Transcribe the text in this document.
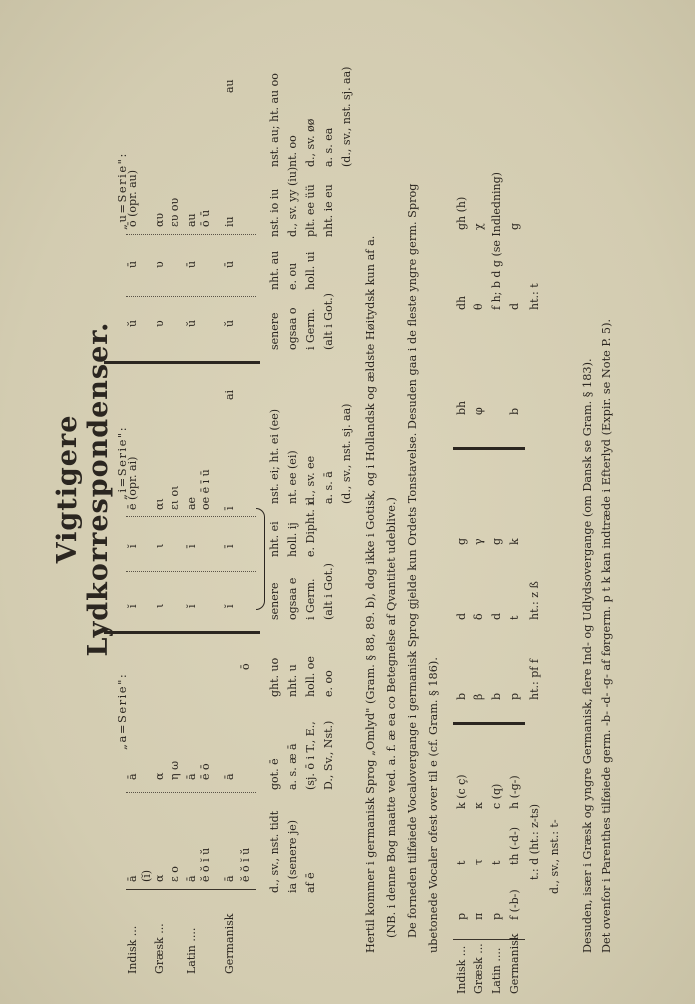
Vigtigere Lydkorrespondenser.
„a=Serie":
„i=Serie":
„u=Serie":
Hertil kommer i germanisk Sprog „Omlyd" (Gram. § 88, 89. b), dog ikke i Gotisk, og i Hollandsk og ældste Høitydsk kun af a. (NB. i denne Bog maatte ved. a. f. æ ea co Betegnelse af Qvantitet udeblive.) De forneden tilføiede Vocalovergange i germanisk Sprog gjelde kun Ordets Tonstavelse. Desuden gaa i de fleste yngre germ. Sprog ubetonede Vocaler ofest over til e (cf. Gram. § 186).	Desuden, især i Græsk og yngre Germanisk, flere Ind- og Udlydsovergange (om Dansk se Gram. § 183). Det ovenfor i Parenthes tilføiede germ. -b- -d- -g- af førgerm. p t k kan indtræde i Efterlyd (Expir. se Note P. 5).
Indisk ...
ā
ā
ĭ
ĭ
ē (opr. ai)
ŭ
ū
ō (opr. au)
(ĭ)
Græsk ...
α
α
ι
ι
αι
υ
υ
αυ
ε ο
η ω
ει οι
ευ ου
Latin ....
ā
ā
ĭ
ī
ae
ŭ
ū
au
ĕ ŏ ĭ ŭ
ē ō
oe ē ī ū
ō ū
Germanisk
ā
ā
ĭ
ī
ī
ai
ŭ
ū
iu
au
ĕ ŏ ĭ ŭ
ō
d., sv., nst. tidt
got. ē
ght. uo
senere
nht. ei
nst. ei; ht. ei (ee)
senere
nht. au
nst. io iu
nst. au; ht. au oo
ia (senere je)
a. s. æ ā
nht. u
ogsaa e
holl. ij
nt. ee (ei)
ogsaa o
e. ou
d., sv. yy (iu)
nt. oo
af ē
(sj. ō i T., E.,
holl. oe
i Germ.
e. Dipht. i
d., sv. ee
i Germ.
holl. ui
plt. ee üü
d., sv. øø
D., Sv., Nst.)
e. oo
(alt i Got.)
a. s. ā
(alt i Got.)
nht. ie eu
a. s. ea
(d., sv., nst. sj. aa)
(d., sv., nst. sj. aa)
Indisk ...
p
t
k (c ç)
b
d
g
bh
dh
gh (h)
Græsk ...
π
τ
κ
β
δ
γ
φ
θ
χ
Latin ....
p
t
c (q)
b
d
g
f h; b d g (se Indledning)
Germanisk
f (-b-)
th (-d-)
h (-g-)
p
t
k
b
d
g
t.: d (ht.: z-ts)
ht.: pf f
ht.: z ß
ht.: t
d., sv., nst.: t-
